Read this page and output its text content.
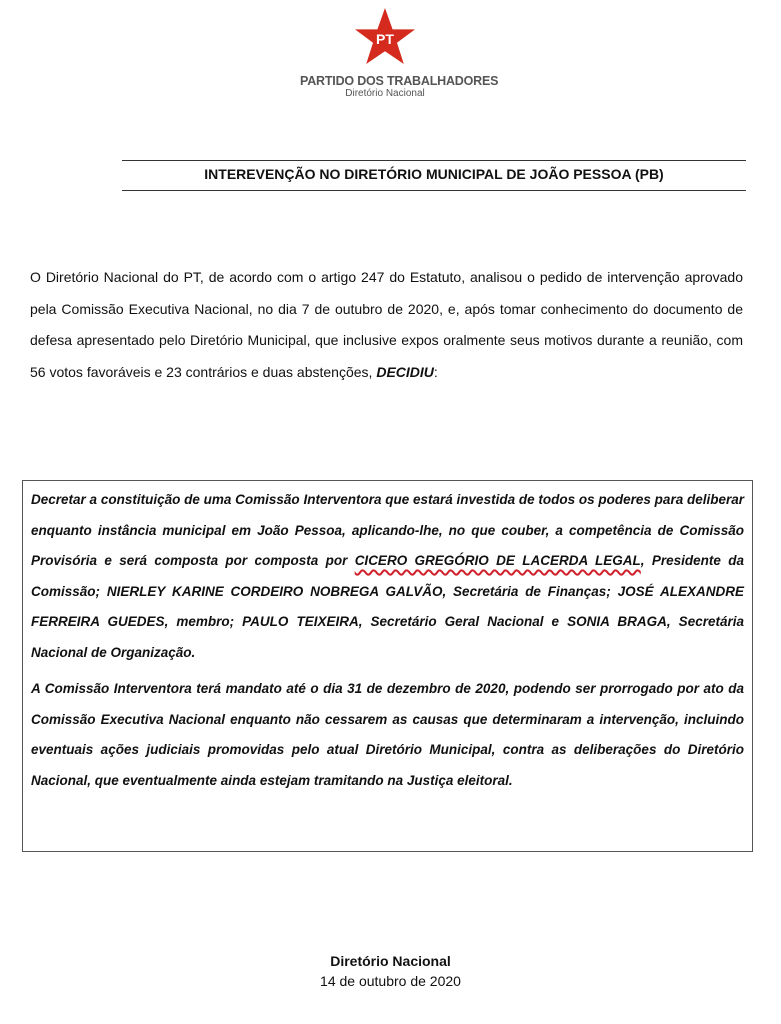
PT
PARTIDO DOS TRABALHADORES
Diretório Nacional
INTEREVENÇÃO NO DIRETÓRIO MUNICIPAL DE JOÃO PESSOA (PB)
O Diretório Nacional do PT, de acordo com o artigo 247 do Estatuto, analisou o pedido de intervenção aprovado pela Comissão Executiva Nacional, no dia 7 de outubro de 2020, e, após tomar conhecimento do documento de defesa apresentado pelo Diretório Municipal, que inclusive expos oralmente seus motivos durante a reunião, com 56 votos favoráveis e 23 contrários e duas abstenções, DECIDIU:

Decretar a constituição de uma Comissão Interventora que estará investida de todos os poderes para deliberar enquanto instância municipal em João Pessoa, aplicando-lhe, no que couber, a competência de Comissão Provisória e será composta por composta por CICERO GREGÓRIO DE LACERDA LEGAL, Presidente da Comissão; NIERLEY KARINE CORDEIRO NOBREGA GALVÃO, Secretária de Finanças; JOSÉ ALEXANDRE FERREIRA GUEDES, membro; PAULO TEIXEIRA, Secretário Geral Nacional e SONIA BRAGA, Secretária Nacional de Organização.

A Comissão Interventora terá mandato até o dia 31 de dezembro de 2020, podendo ser prorrogado por ato da Comissão Executiva Nacional enquanto não cessarem as causas que determinaram a intervenção, incluindo eventuais ações judiciais promovidas pelo atual Diretório Municipal, contra as deliberações do Diretório Nacional, que eventualmente ainda estejam tramitando na Justiça eleitoral.

Diretório Nacional
14 de outubro de 2020
